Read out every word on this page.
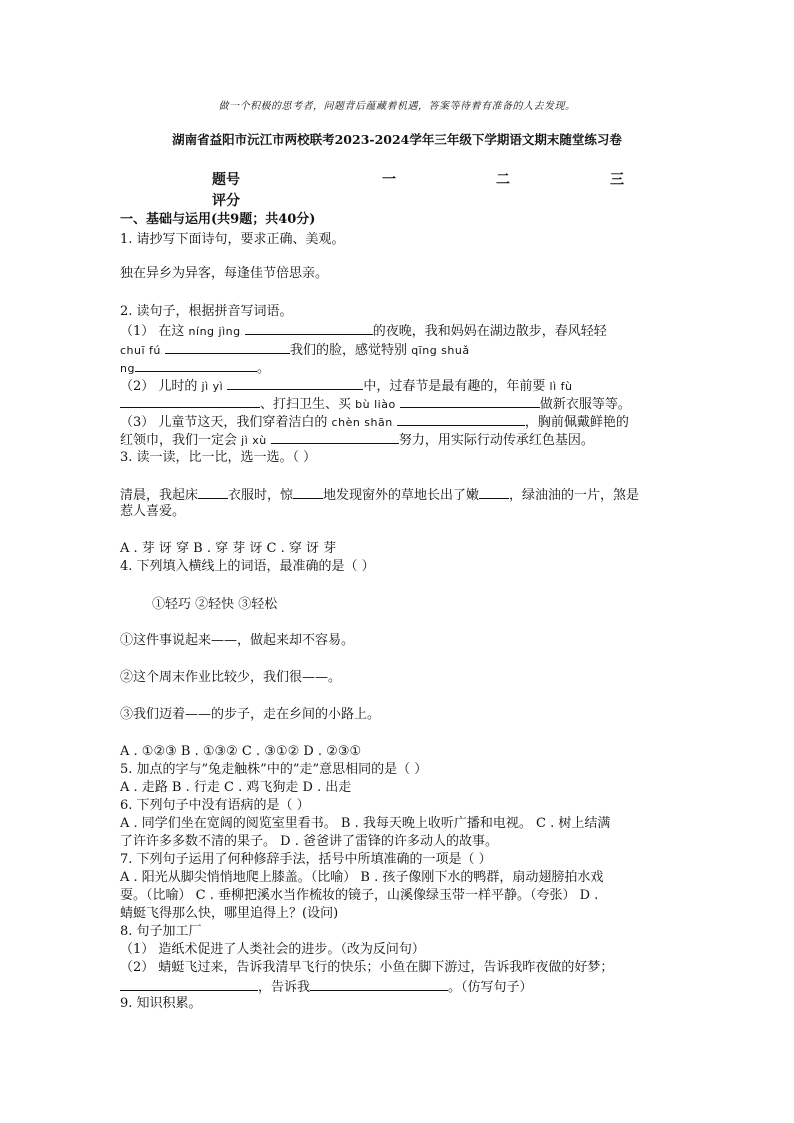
做一个积极的思考者，问题背后蕴藏着机遇，答案等待着有准备的人去发现。
湖南省益阳市沅江市两校联考2023-2024学年三年级下学期语文期末随堂练习卷
题号	一	二	三
评分
一、基础与运用(共9题；共40分)
1. 请抄写下面诗句，要求正确、美观。
独在异乡为异客，每逢佳节倍思亲。
2. 读句子，根据拼音写词语。
（1） 在这 níng jìng	的夜晚，我和妈妈在湖边散步，春风轻轻
chuī fú	我们的脸，感觉特别 qīng shuǎ
ng	。
（2） 儿时的 jì yì	中，过春节是最有趣的，年前要 lì fù
、打扫卫生、买 bù liào	做新衣服等等。
（3） 儿童节这天，我们穿着洁白的 chèn shān	，胸前佩戴鲜艳的
红领巾，我们一定会 jì xù	努力，用实际行动传承红色基因。
3. 读一读，比一比，选一选。（ ）
清晨，我起床 衣服时，惊 地发现窗外的草地长出了嫩 ，绿油油的一片，煞是
惹人喜爱。
A . 芽 讶 穿 B . 穿 芽 讶 C . 穿 讶 芽
4. 下列填入横线上的词语，最准确的是（ ）
①轻巧 ②轻快 ③轻松
①这件事说起来——，做起来却不容易。
②这个周末作业比较少，我们很——。
③我们迈着——的步子，走在乡间的小路上。
A . ①②③ B . ①③② C . ③①② D . ②③①
5. 加点的字与”兔走触株”中的”走”意思相同的是（ ）
A . 走路 B . 行走 C . 鸡飞狗走 D . 出走
6. 下列句子中没有语病的是（ ）
A . 同学们坐在宽阔的阅览室里看书。 B . 我每天晚上收听广播和电视。 C . 树上结满
了许许多多数不清的果子。 D . 爸爸讲了雷锋的许多动人的故事。
7. 下列句子运用了何种修辞手法，括号中所填准确的一项是（ ）
A . 阳光从脚尖悄悄地爬上膝盖。（比喻） B . 孩子像刚下水的鸭群，扇动翅膀拍水戏
耍。（比喻） C . 垂柳把溪水当作梳妆的镜子，山溪像绿玉带一样平静。（夸张） D .
蜻蜓飞得那么快，哪里追得上？(设问)
8. 句子加工厂
（1） 造纸术促进了人类社会的进步。（改为反问句）
（2） 蜻蜓飞过来，告诉我清早飞行的快乐；小鱼在脚下游过，告诉我昨夜做的好梦；
，告诉我	。（仿写句子）
9. 知识积累。
